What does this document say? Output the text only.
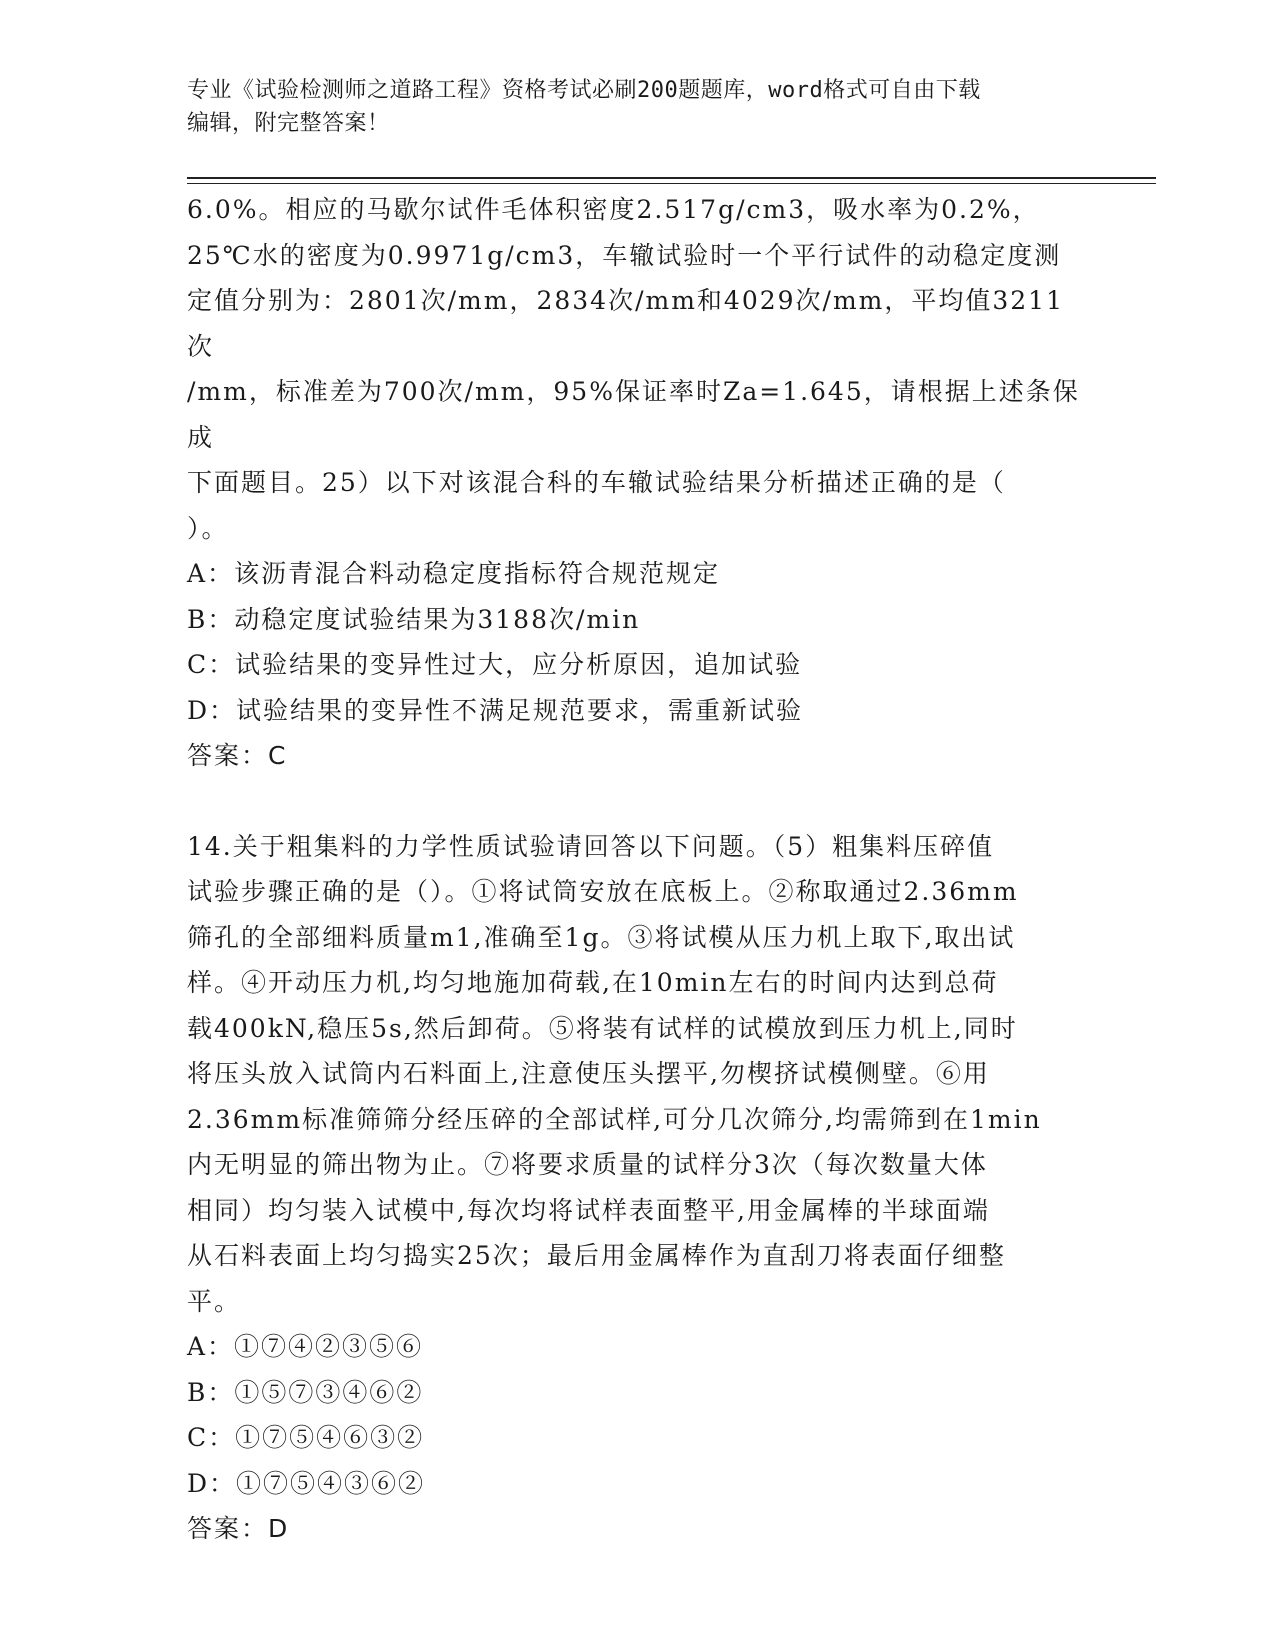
专业《试验检测师之道路工程》资格考试必刷200题题库，word格式可自由下载
编辑，附完整答案！

6.0%。相应的马歇尔试件毛体积密度2.517g/cm3，吸水率为0.2%，

25℃水的密度为0.9971g/cm3，车辙试验时一个平行试件的动稳定度测

定值分别为：2801次/mm，2834次/mm和4029次/mm，平均值3211次

/mm，标准差为700次/mm，95%保证率时Za=1.645，请根据上述条保成

下面题目。25）以下对该混合科的车辙试验结果分析描述正确的是（

）。

A：该沥青混合料动稳定度指标符合规范规定

B：动稳定度试验结果为3188次/min

C：试验结果的变异性过大，应分析原因，追加试验

D：试验结果的变异性不满足规范要求，需重新试验

答案：C

14.关于粗集料的力学性质试验请回答以下问题。（5）粗集料压碎值

试验步骤正确的是（）。①将试筒安放在底板上。②称取通过2.36mm

筛孔的全部细料质量m1,准确至1g。③将试模从压力机上取下,取出试

样。④开动压力机,均匀地施加荷载,在10min左右的时间内达到总荷

载400kN,稳压5s,然后卸荷。⑤将装有试样的试模放到压力机上,同时

将压头放入试筒内石料面上,注意使压头摆平,勿楔挤试模侧壁。⑥用

2.36mm标准筛筛分经压碎的全部试样,可分几次筛分,均需筛到在1min

内无明显的筛出物为止。⑦将要求质量的试样分3次（每次数量大体

相同）均匀装入试模中,每次均将试样表面整平,用金属棒的半球面端

从石料表面上均匀捣实25次；最后用金属棒作为直刮刀将表面仔细整

平。

A：①⑦④②③⑤⑥

B：①⑤⑦③④⑥②

C：①⑦⑤④⑥③②

D：①⑦⑤④③⑥②

答案：D
